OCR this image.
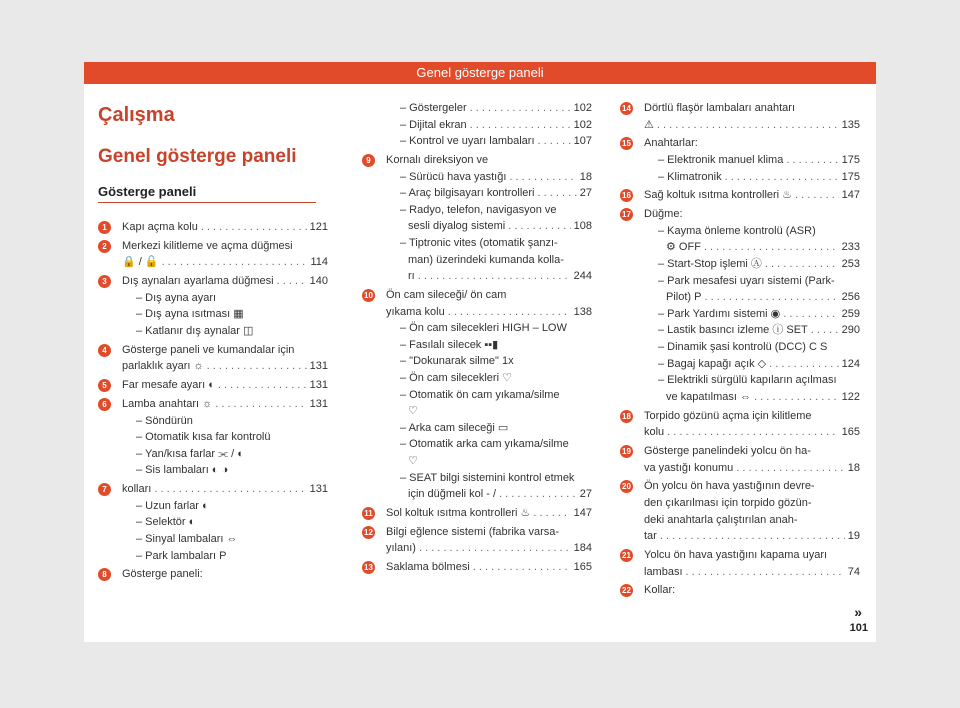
Genel gösterge paneli
Çalışma
Genel gösterge paneli
Gösterge paneli
1	Kapı açma kolu . . .	121
2	Merkezi kilitleme ve açma düğmesi
🔒 / 🔓 . . .	114
3	Dış aynaları ayarlama düğmesi . . .	140
– Dış ayna ayarı
– Dış ayna ısıtması ▦
– Katlanır dış aynalar ◫
4	Gösterge paneli ve kumandalar için
parlaklık ayarı ☼ . . .	131
5	Far mesafe ayarı ◐ . . .	131
6	Lamba anahtarı ☼ . . .	131
– Söndürün
– Otomatik kısa far kontrolü
– Yan/kısa farlar ⫘ / ◐
– Sis lambaları ◐ ◑
7	kolları . . .	131
– Uzun farlar ◐
– Selektör ◐
– Sinyal lambaları ⇔
– Park lambaları P
8	Gösterge paneli:
– Göstergeler . . .	102
– Dijital ekran . . .	102
– Kontrol ve uyarı lambaları . . .	107
9	Kornalı direksiyon ve
– Sürücü hava yastığı . . .	18
– Araç bilgisayarı kontrolleri . . .	27
– Radyo, telefon, navigasyon ve
sesli diyalog sistemi . . .	108
– Tiptronic vites (otomatik şanzı-
man) üzerindeki kumanda kolla-
rı . . .	244
10 Ön cam sileceği/ ön cam
yıkama kolu . . .	138
– Ön cam silecekleri HIGH – LOW
– Fasılalı silecek ▪▪▮
– "Dokunarak silme" 1x
– Ön cam silecekleri ♡
– Otomatik ön cam yıkama/silme
♡
– Arka cam sileceği ▭
– Otomatik arka cam yıkama/silme
♡
– SEAT bilgi sistemini kontrol etmek
için düğmeli kol - / . . .	27
11 Sol koltuk ısıtma kontrolleri ♨ . . .	147
12 Bilgi eğlence sistemi (fabrika varsa-
yılanı) . . .	184
13 Saklama bölmesi . . .	165
14 Dörtlü flaşör lambaları anahtarı
⚠ . . .	135
15 Anahtarlar:
– Elektronik manuel klima . . .	175
– Klimatronik . . .	175
16 Sağ koltuk ısıtma kontrolleri ♨ . . .	147
17 Düğme:
– Kayma önleme kontrolü (ASR)
⚙ OFF . . .	233
– Start-Stop işlemi Ⓐ . . .	253
– Park mesafesi uyarı sistemi (Park-
Pilot) P . . .	256
– Park Yardımı sistemi ◉ . . .	259
– Lastik basıncı izleme ⓘ SET . . .	290
– Dinamik şasi kontrolü (DCC) C S
– Bagaj kapağı açık ◇ . . .	124
– Elektrikli sürgülü kapıların açılması
ve kapatılması ⇔ . . .	122
18 Torpido gözünü açma için kilitleme
kolu . . .	165
19 Gösterge panelindeki yolcu ön ha-
va yastığı konumu . . .	18
20 Ön yolcu ön hava yastığının devre-
den çıkarılması için torpido gözün-
deki anahtarla çalıştırılan anah-
tar . . .	19
21 Yolcu ön hava yastığını kapama uyarı
lambası . . .	74
22 Kollar:
»
101
